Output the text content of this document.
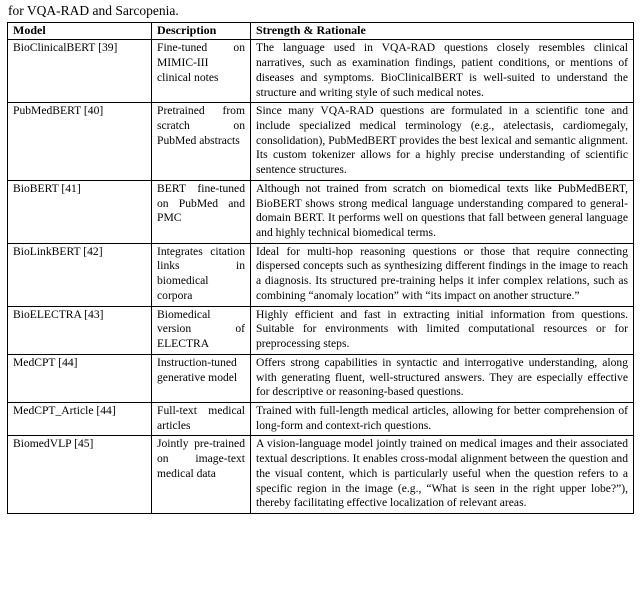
for VQA-RAD and Sarcopenia.
Model	Description	Strength & Rationale
BioClinicalBERT [39]	Fine-tuned on MIMIC-III clinical notes	The language used in VQA-RAD questions closely resembles clinical narratives, such as examination findings, patient conditions, or mentions of diseases and symptoms. BioClinicalBERT is well-suited to understand the structure and writing style of such medical notes.
PubMedBERT [40]	Pretrained from scratch on PubMed abstracts	Since many VQA-RAD questions are formulated in a scientific tone and include specialized medical terminology (e.g., atelectasis, cardiomegaly, consolidation), PubMedBERT provides the best lexical and semantic alignment. Its custom tokenizer allows for a highly precise understanding of scientific sentence structures.
BioBERT [41]	BERT fine-tuned on PubMed and PMC	Although not trained from scratch on biomedical texts like PubMedBERT, BioBERT shows strong medical language understanding compared to general-domain BERT. It performs well on questions that fall between general language and highly technical biomedical terms.
BioLinkBERT [42]	Integrates citation links in biomedical corpora	Ideal for multi-hop reasoning questions or those that require connecting dispersed concepts such as synthesizing different findings in the image to reach a diagnosis. Its structured pre-training helps it infer complex relations, such as combining “anomaly location” with “its impact on another structure.”
BioELECTRA [43]	Biomedical version of ELECTRA	Highly efficient and fast in extracting initial information from questions. Suitable for environments with limited computational resources or for preprocessing steps.
MedCPT [44]	Instruction-tuned generative model	Offers strong capabilities in syntactic and interrogative understanding, along with generating fluent, well-structured answers. They are especially effective for descriptive or reasoning-based questions.
MedCPT_Article [44]	Full-text medical articles	Trained with full-length medical articles, allowing for better comprehension of long-form and context-rich questions.
BiomedVLP [45]	Jointly pre-trained on image-text medical data	A vision-language model jointly trained on medical images and their associated textual descriptions. It enables cross-modal alignment between the question and the visual content, which is particularly useful when the question refers to a specific region in the image (e.g., “What is seen in the right upper lobe?”), thereby facilitating effective localization of relevant areas.
